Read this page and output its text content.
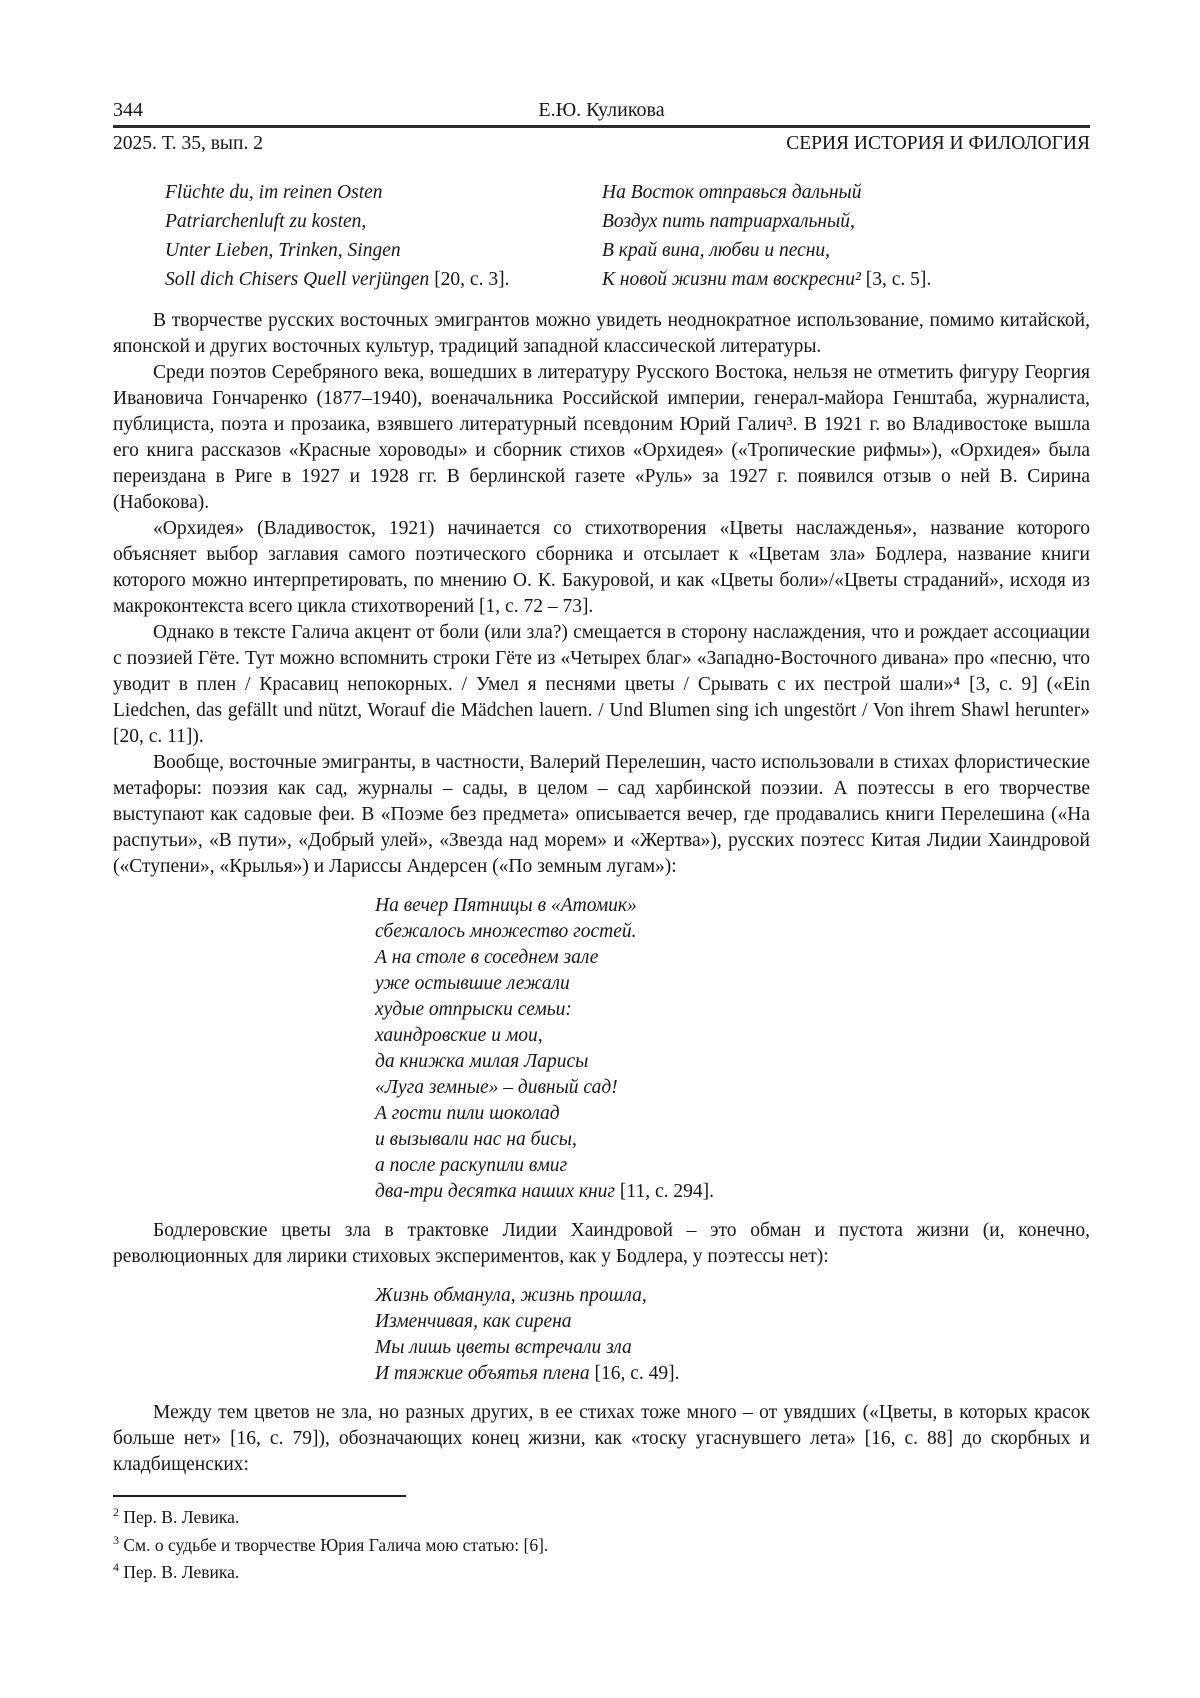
344	Е.Ю. Куликова
2025. Т. 35, вып. 2	СЕРИЯ ИСТОРИЯ И ФИЛОЛОГИЯ
Flüchte du, im reinen Osten
Patriarchenluft zu kosten,
Unter Lieben, Trinken, Singen
Soll dich Chisers Quell verjüngen [20, с. 3].
На Восток отправься дальный
Воздух пить патриархальный,
В край вина, любви и песни,
К новой жизни там воскресни² [3, с. 5].

В творчестве русских восточных эмигрантов можно увидеть неоднократное использование, помимо китайской, японской и других восточных культур, традиций западной классической литературы.

Среди поэтов Серебряного века, вошедших в литературу Русского Востока, нельзя не отметить фигуру Георгия Ивановича Гончаренко (1877–1940), военачальника Российской империи, генерал-майора Генштаба, журналиста, публициста, поэта и прозаика, взявшего литературный псевдоним Юрий Галич³. В 1921 г. во Владивостоке вышла его книга рассказов «Красные хороводы» и сборник стихов «Орхидея» («Тропические рифмы»), «Орхидея» была переиздана в Риге в 1927 и 1928 гг. В берлинской газете «Руль» за 1927 г. появился отзыв о ней В. Сирина (Набокова).

«Орхидея» (Владивосток, 1921) начинается со стихотворения «Цветы наслажденья», название которого объясняет выбор заглавия самого поэтического сборника и отсылает к «Цветам зла» Бодлера, название книги которого можно интерпретировать, по мнению О. К. Бакуровой, и как «Цветы боли»/«Цветы страданий», исходя из макроконтекста всего цикла стихотворений [1, с. 72 – 73].

Однако в тексте Галича акцент от боли (или зла?) смещается в сторону наслаждения, что и рождает ассоциации с поэзией Гёте. Тут можно вспомнить строки Гёте из «Четырех благ» «Западно-Восточного дивана» про «песню, что уводит в плен / Красавиц непокорных. / Умел я песнями цветы / Срывать с их пестрой шали»⁴ [3, с. 9] («Ein Liedchen, das gefällt und nützt, Worauf die Mädchen lauern. / Und Blumen sing ich ungestört / Von ihrem Shawl herunter» [20, с. 11]).

Вообще, восточные эмигранты, в частности, Валерий Перелешин, часто использовали в стихах флористические метафоры: поэзия как сад, журналы – сады, в целом – сад харбинской поэзии. А поэтессы в его творчестве выступают как садовые феи. В «Поэме без предмета» описывается вечер, где продавались книги Перелешина («На распутьи», «В пути», «Добрый улей», «Звезда над морем» и «Жертва»), русских поэтесс Китая Лидии Хаиндровой («Ступени», «Крылья») и Лариссы Андерсен («По земным лугам»):

На вечер Пятницы в «Атомик»
сбежалось множество гостей.
А на столе в соседнем зале
уже остывшие лежали
худые отпрыски семьи:
хаиндровские и мои,
да книжка милая Ларисы
«Луга земные» – дивный сад!
А гости пили шоколад
и вызывали нас на бисы,
а после раскупили вмиг
два-три десятка наших книг [11, с. 294].

Бодлеровские цветы зла в трактовке Лидии Хаиндровой – это обман и пустота жизни (и, конечно, революционных для лирики стиховых экспериментов, как у Бодлера, у поэтессы нет):

Жизнь обманула, жизнь прошла,
Изменчивая, как сирена
Мы лишь цветы встречали зла
И тяжкие объятья плена [16, с. 49].

Между тем цветов не зла, но разных других, в ее стихах тоже много – от увядших («Цветы, в которых красок больше нет» [16, с. 79]), обозначающих конец жизни, как «тоску угаснувшего лета» [16, с. 88] до скорбных и кладбищенских:

$^2$ Пер. В. Левика.
$^3$ См. о судьбе и творчестве Юрия Галича мою статью: [6].
$^4$ Пер. В. Левика.
